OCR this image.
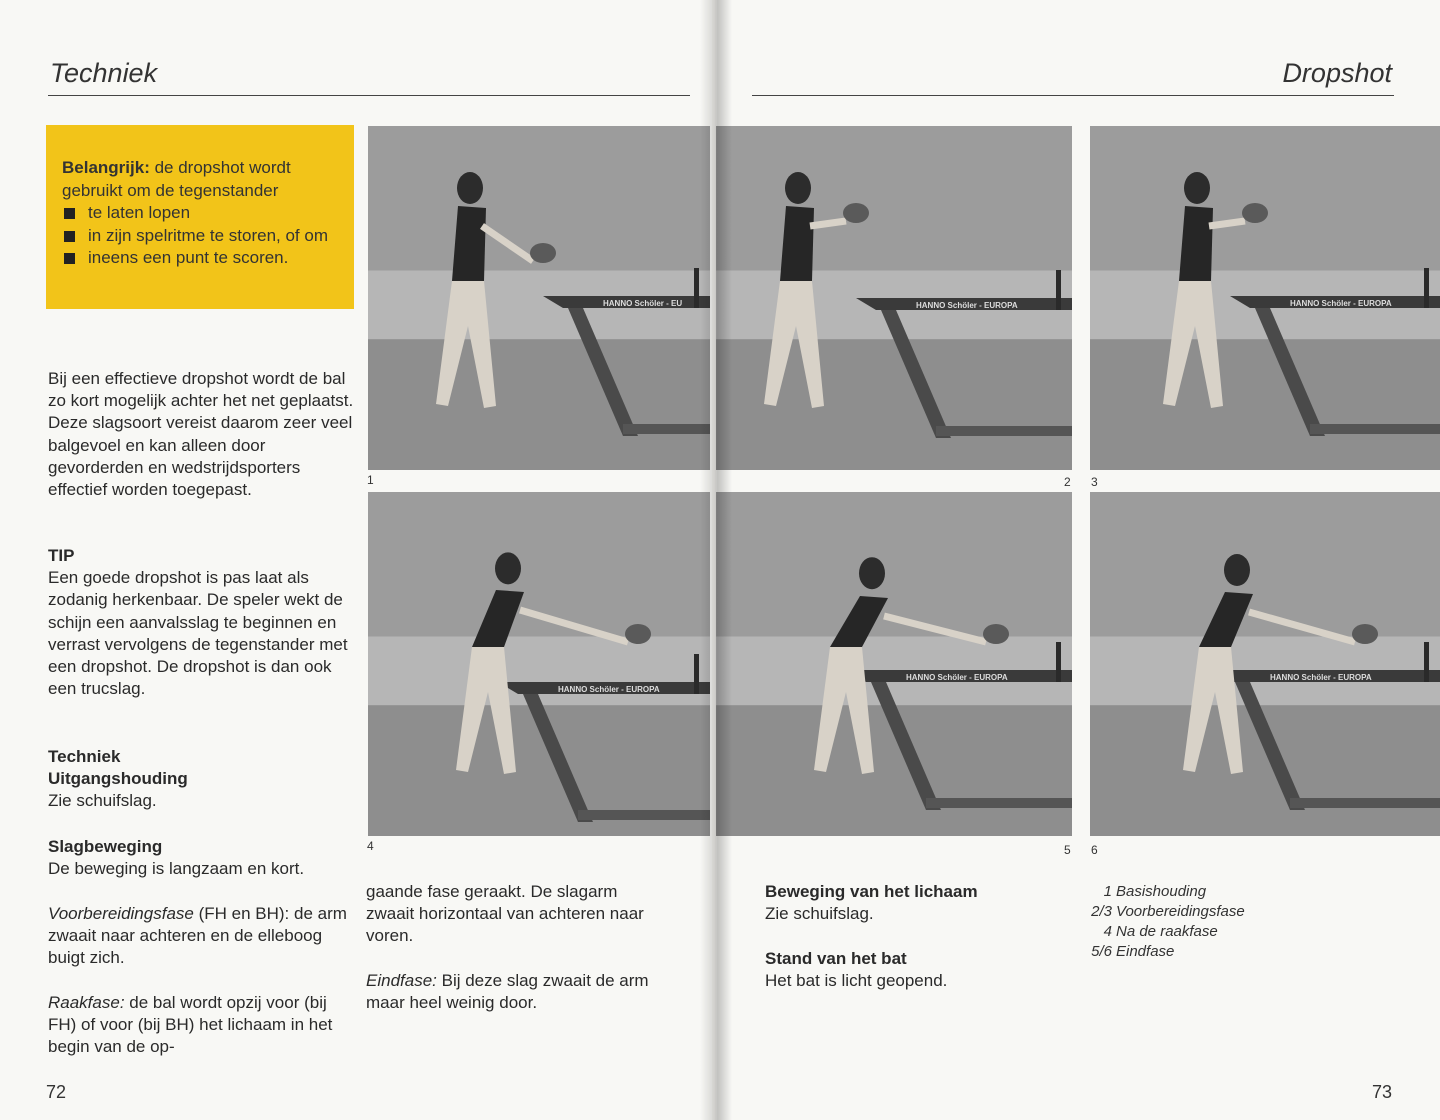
Techniek	Dropshot
Belangrijk: de dropshot wordt gebruikt om de tegenstander
te laten lopen
in zijn spelritme te storen, of om
ineens een punt te scoren.
Bij een effectieve dropshot wordt de bal zo kort mogelijk achter het net geplaatst. Deze slagsoort vereist daarom zeer veel balgevoel en kan alleen door gevorderden en wedstrijdsporters effectief worden toegepast.

TIP

Een goede dropshot is pas laat als zodanig herkenbaar. De speler wekt de schijn een aanvalsslag te beginnen en verrast vervolgens de tegenstander met een dropshot. De dropshot is dan ook een trucslag.

Techniek

Uitgangshouding

Zie schuifslag.

Slagbeweging

De beweging is langzaam en kort.

Voorbereidingsfase (FH en BH): de arm zwaait naar achteren en de elleboog buigt zich.
Raakfase: de bal wordt opzij voor (bij FH) of voor (bij BH) het lichaam in het begin van de op-
gaande fase geraakt. De slagarm zwaait horizontaal van achteren naar voren.
Eindfase: Bij deze slag zwaait de arm maar heel weinig door.
72
HANNO Schöler - EU	HANNO Schöler - EUROPA	HANNO Schöler - EUROPA
HANNO Schöler - EUROPA
HANNO Schöler - EUROPA	HANNO Schöler - EUROPA
1	2 3
4	5 6

Beweging van het lichaam

Zie schuifslag.

Stand van het bat

Het bat is licht geopend.

1 Basishouding
2/3 Voorbereidingsfase
4 Na de raakfase
5/6 Eindfase
73
